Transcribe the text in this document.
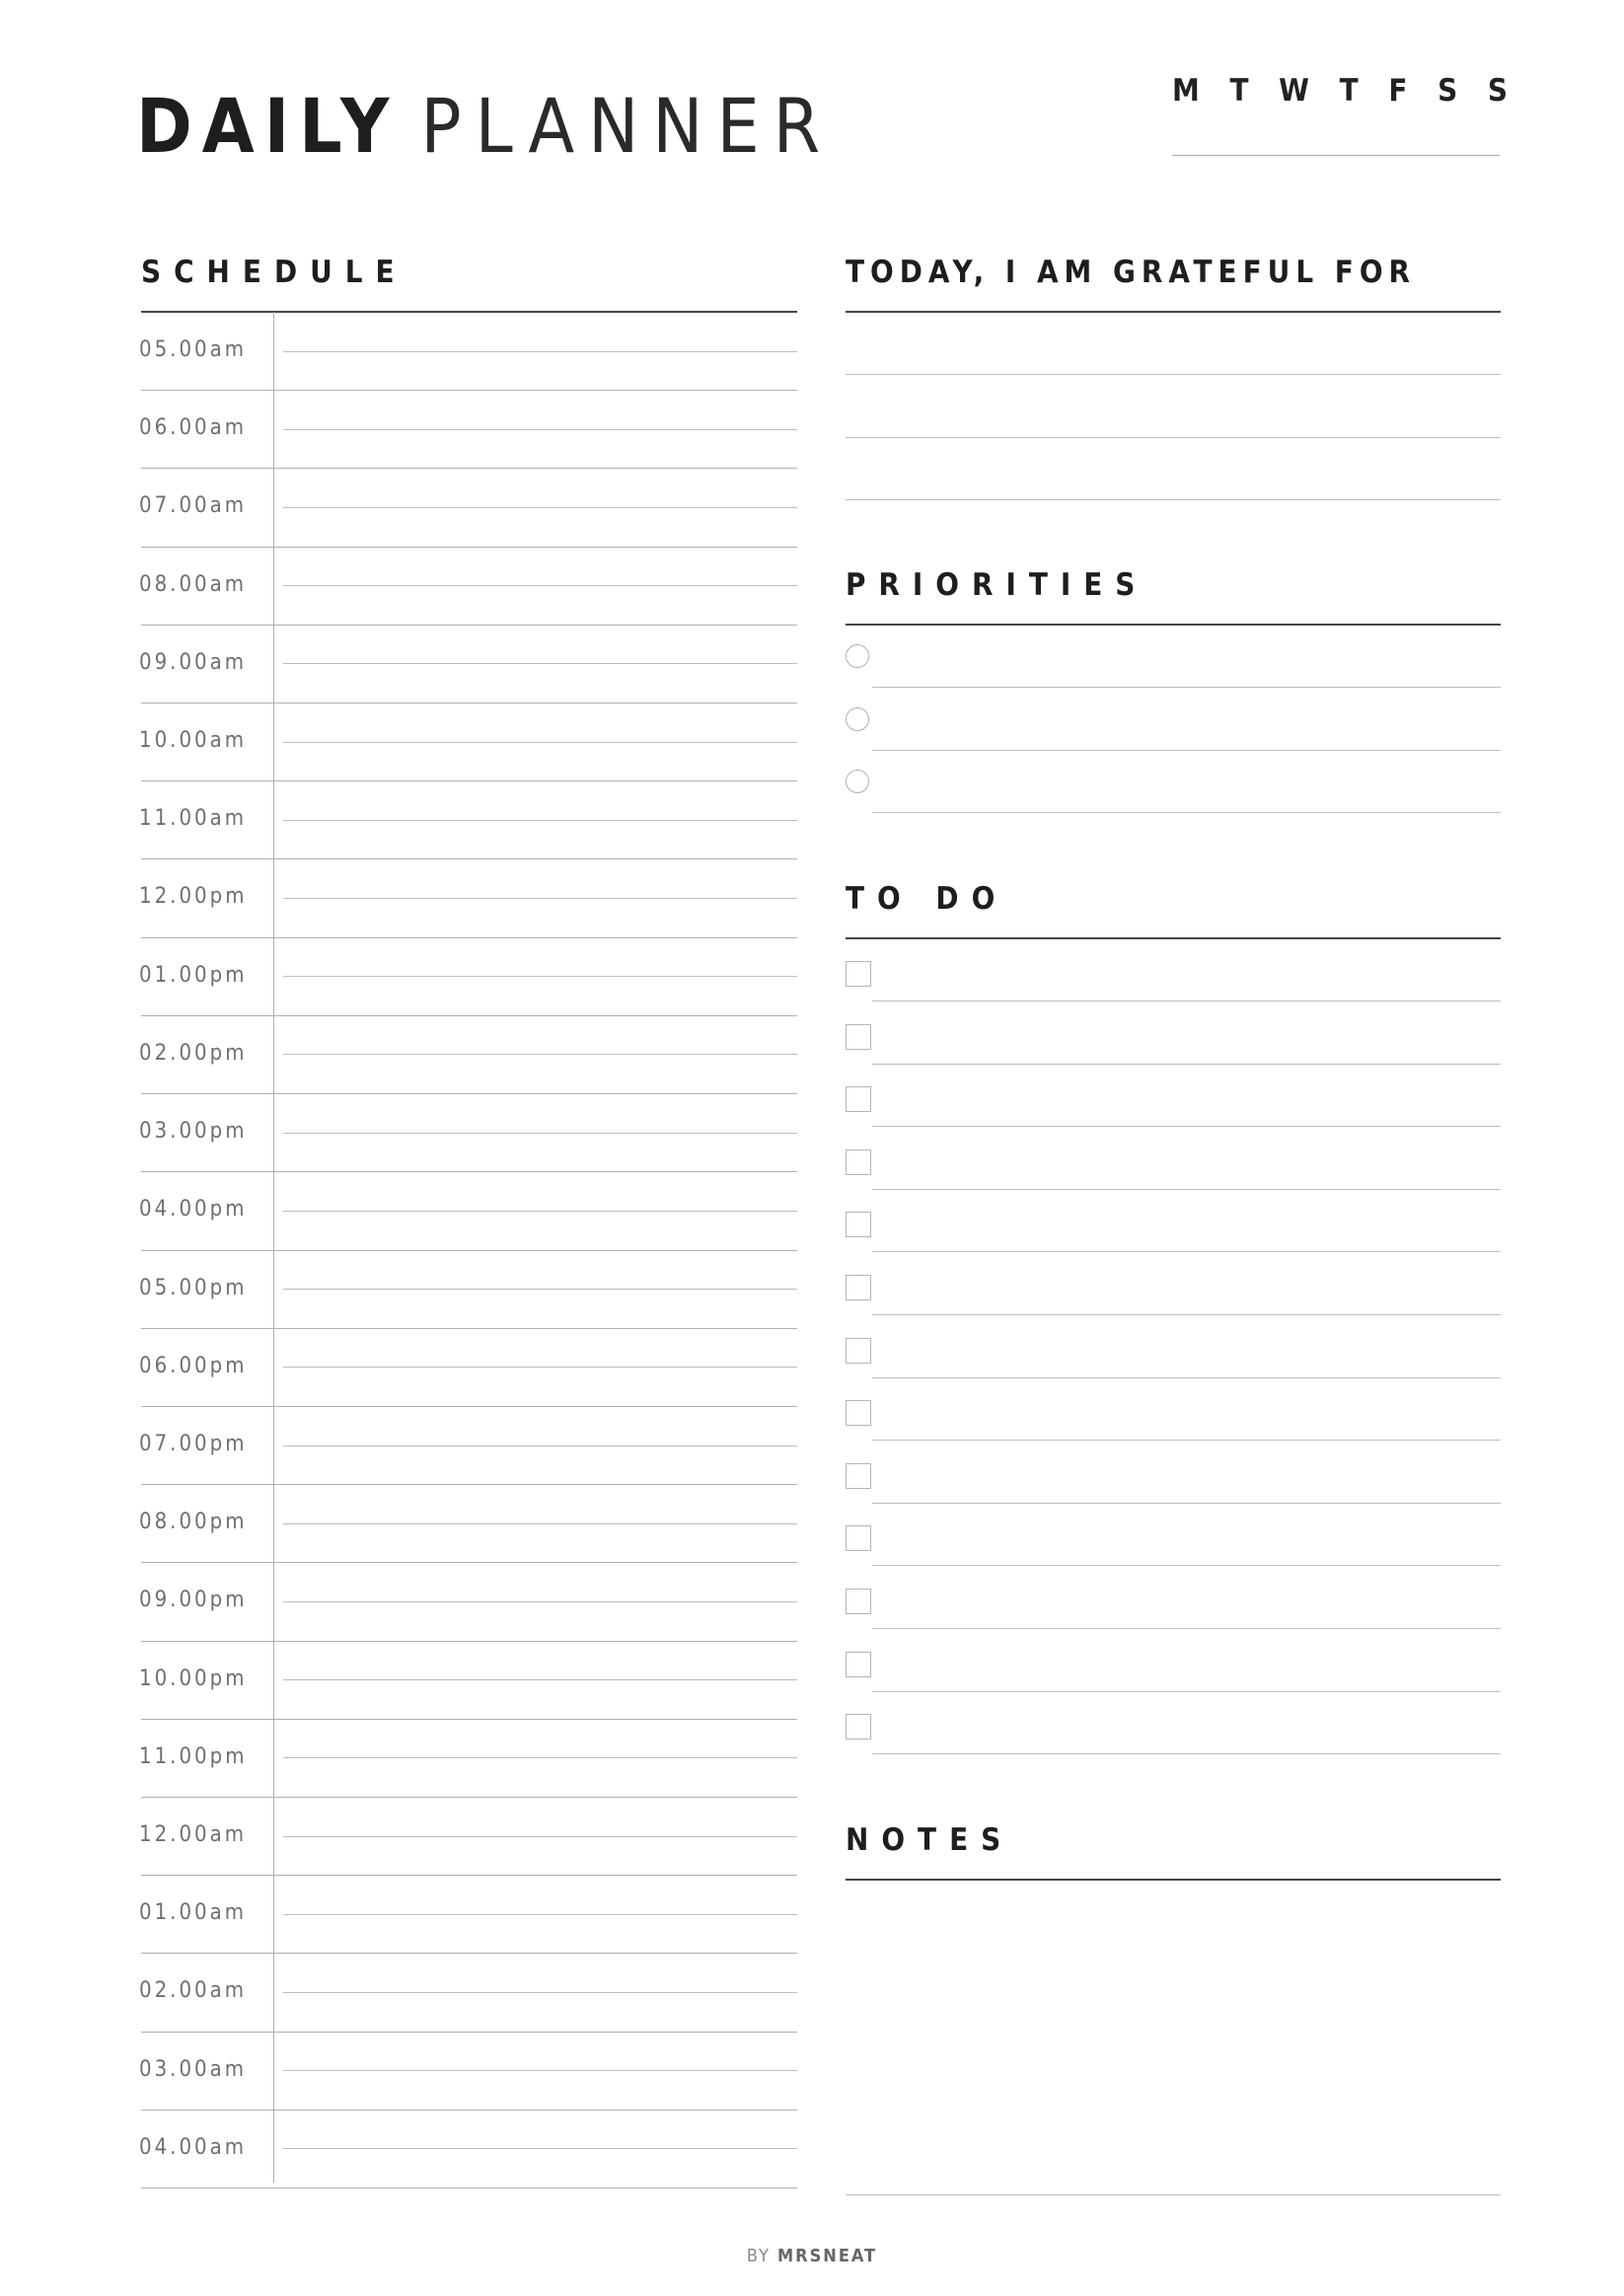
DAILY PLANNER	M T W T F S S
SCHEDULE
05.00am
06.00am
07.00am
08.00am
09.00am
10.00am
11.00am
12.00pm
01.00pm
02.00pm
03.00pm
04.00pm
05.00pm
06.00pm
07.00pm
08.00pm
09.00pm
10.00pm
11.00pm
12.00am
01.00am
02.00am
03.00am
04.00am
TODAY, I AM GRATEFUL FOR
PRIORITIES
TO DO
NOTES
BY MRSNEAT
